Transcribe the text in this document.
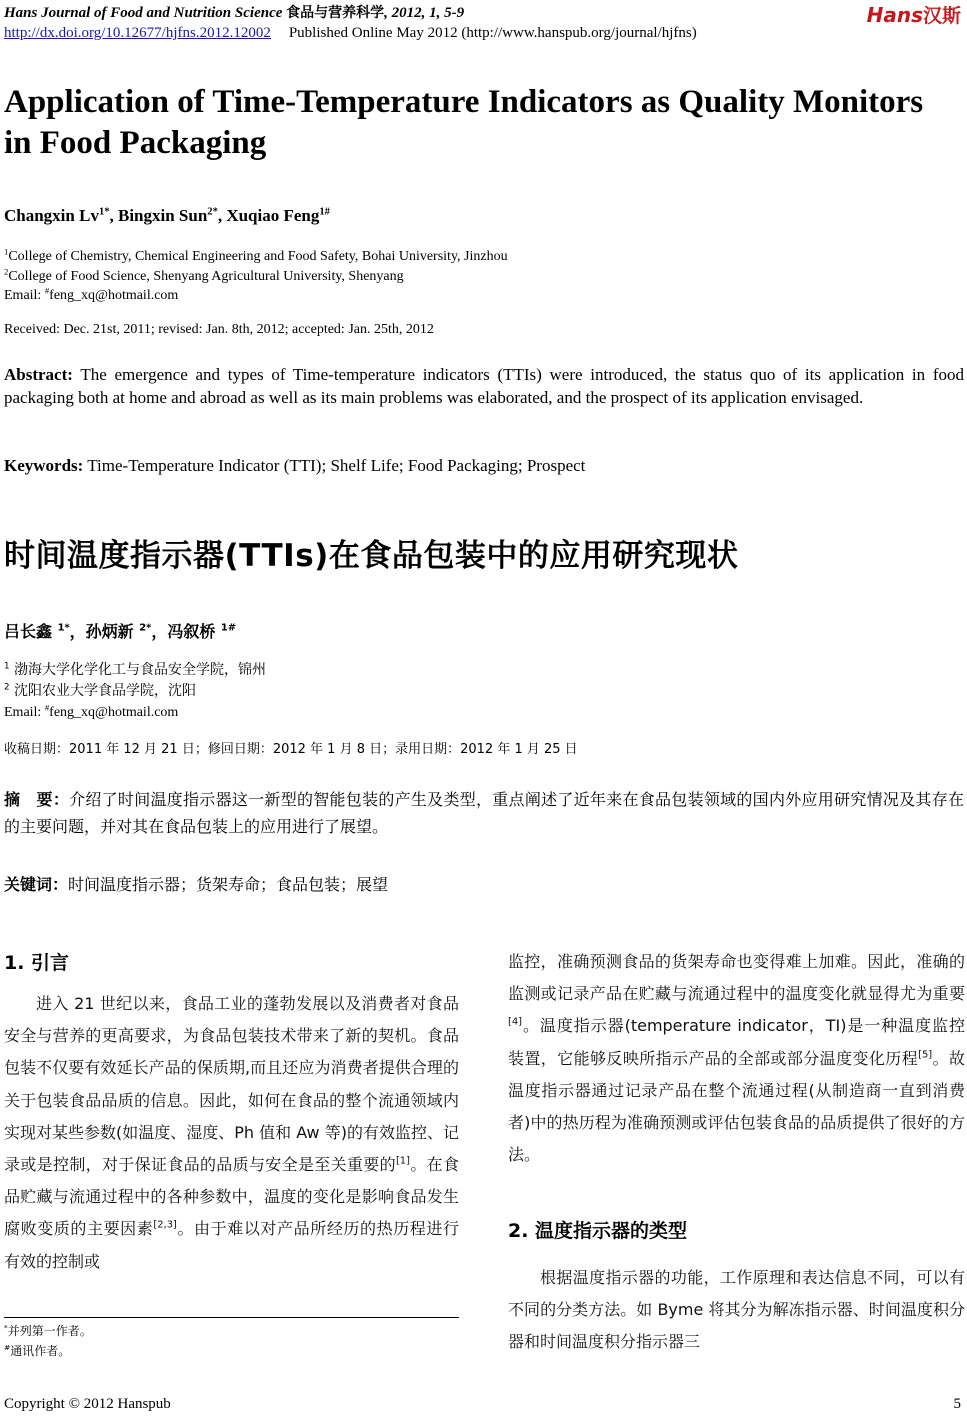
Hans Journal of Food and Nutrition Science 食品与营养科学, 2012, 1, 5-9
http://dx.doi.org/10.12677/hjfns.2012.12002 Published Online May 2012 (http://www.hanspub.org/journal/hjfns)
Hans汉斯
Application of Time-Temperature Indicators as Quality Monitors in Food Packaging
Changxin $Lv^{1*}$, Bingxin Sun$^{2*}$, Xuqiao Feng$^{1\#}$
$^1$College of Chemistry, Chemical Engineering and Food Safety, Bohai University, Jinzhou
$^2$College of Food Science, Shenyang Agricultural University, Shenyang
Email: #feng_xq@hotmail.com
Received: Dec. 21st, 2011; revised: Jan. 8th, 2012; accepted: Jan. 25th, 2012
Abstract: The emergence and types of Time-temperature indicators (TTIs) were introduced, the status quo of its application in food packaging both at home and abroad as well as its main problems was elaborated, and the prospect of its application envisaged.
Keywords: Time-Temperature Indicator (TTI); Shelf Life; Food Packaging; Prospect
时间温度指示器(TTIs)在食品包装中的应用研究现状
吕长鑫 $^{1*}$，孙炳新 $^{2*}$，冯叙桥 $^{1\#}$
$^1$ 渤海大学化学化工与食品安全学院，锦州
$^2$ 沈阳农业大学食品学院，沈阳
Email: #feng_xq@hotmail.com
收稿日期：2011 年 12 月 21 日；修回日期：2012 年 1 月 8 日；录用日期：2012 年 1 月 25 日
摘　要：介绍了时间温度指示器这一新型的智能包装的产生及类型，重点阐述了近年来在食品包装领域的国内外应用研究情况及其存在的主要问题，并对其在食品包装上的应用进行了展望。
关键词：时间温度指示器；货架寿命；食品包装；展望
1. 引言
进入 21 世纪以来，食品工业的蓬勃发展以及消费者对食品安全与营养的更高要求，为食品包装技术带来了新的契机。食品包装不仅要有效延长产品的保质期,而且还应为消费者提供合理的关于包装食品品质的信息。因此，如何在食品的整个流通领域内实现对某些参数(如温度、湿度、Ph 值和 Aw 等)的有效监控、记录或是控制，对于保证食品的品质与安全是至关重要的[1]。在食品贮藏与流通过程中的各种参数中，温度的变化是影响食品发生腐败变质的主要因素[2,3]。由于难以对产品所经历的热历程进行有效的控制或
监控，准确预测食品的货架寿命也变得难上加难。因此，准确的监测或记录产品在贮藏与流通过程中的温度变化就显得尤为重要[4]。温度指示器(temperature indicator，TI)是一种温度监控装置，它能够反映所指示产品的全部或部分温度变化历程[5]。故温度指示器通过记录产品在整个流通过程(从制造商一直到消费者)中的热历程为准确预测或评估包装食品的品质提供了很好的方法。
2. 温度指示器的类型
根据温度指示器的功能，工作原理和表达信息不同，可以有不同的分类方法。如 Byme 将其分为解冻指示器、时间温度积分器和时间温度积分指示器三
*并列第一作者。
#通讯作者。
Copyright © 2012 Hanspub	5
